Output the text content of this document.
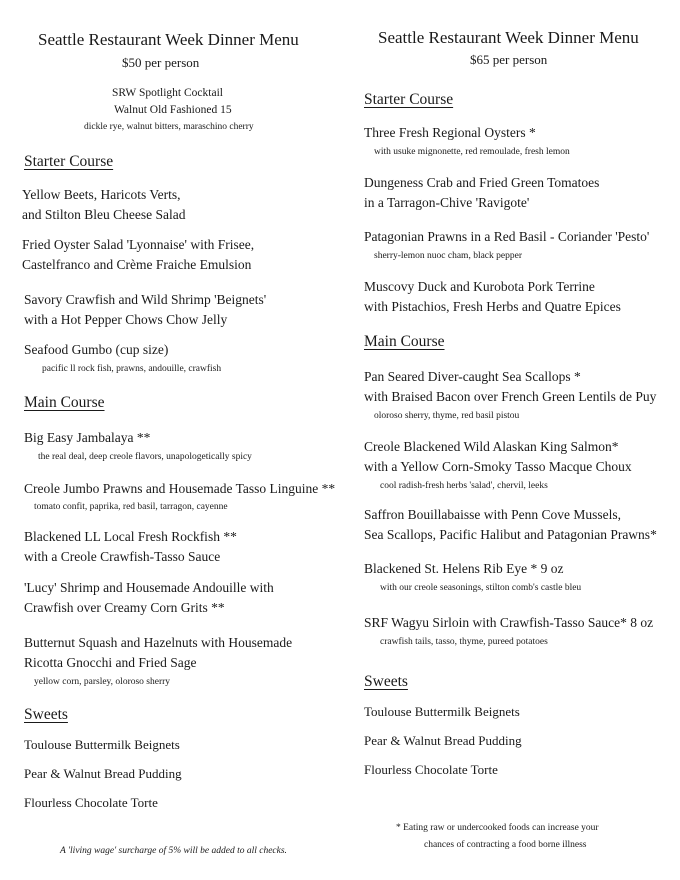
Seattle Restaurant Week Dinner Menu
$50 per person
SRW Spotlight Cocktail
Walnut Old Fashioned 15
dickle rye, walnut bitters, maraschino cherry
Starter Course
Yellow Beets, Haricots Verts,
and Stilton Bleu Cheese Salad
Fried Oyster Salad 'Lyonnaise' with Frisee,
Castelfranco and Crème Fraiche Emulsion
Savory Crawfish and Wild Shrimp 'Beignets'
with a Hot Pepper Chows Chow Jelly
Seafood Gumbo (cup size)
pacific ll rock fish, prawns, andouille, crawfish
Main Course
Big Easy Jambalaya **
the real deal, deep creole flavors, unapologetically spicy
Creole Jumbo Prawns and Housemade Tasso Linguine **
tomato confit, paprika, red basil, tarragon, cayenne
Blackened LL Local Fresh Rockfish **
with a Creole Crawfish-Tasso Sauce
'Lucy' Shrimp and Housemade Andouille with
Crawfish over Creamy Corn Grits **
Butternut Squash and Hazelnuts with Housemade
Ricotta Gnocchi and Fried Sage
yellow corn, parsley, oloroso sherry
Sweets
Toulouse Buttermilk Beignets
Pear & Walnut Bread Pudding
Flourless Chocolate Torte
A 'living wage' surcharge of 5% will be added to all checks.
Seattle Restaurant Week Dinner Menu
$65 per person
Starter Course
Three Fresh Regional Oysters *
with usuke mignonette, red remoulade, fresh lemon
Dungeness Crab and Fried Green Tomatoes
in a Tarragon-Chive 'Ravigote'
Patagonian Prawns in a Red Basil - Coriander 'Pesto'
sherry-lemon nuoc cham, black pepper
Muscovy Duck and Kurobota Pork Terrine
with Pistachios, Fresh Herbs and Quatre Epices
Main Course
Pan Seared Diver-caught Sea Scallops *
with Braised Bacon over French Green Lentils de Puy
oloroso sherry, thyme, red basil pistou
Creole Blackened Wild Alaskan King Salmon*
with a Yellow Corn-Smoky Tasso Macque Choux
cool radish-fresh herbs 'salad', chervil, leeks
Saffron Bouillabaisse with Penn Cove Mussels,
Sea Scallops, Pacific Halibut and Patagonian Prawns*
Blackened St. Helens Rib Eye * 9 oz
with our creole seasonings, stilton comb's castle bleu
SRF Wagyu Sirloin with Crawfish-Tasso Sauce* 8 oz
crawfish tails, tasso, thyme, pureed potatoes
Sweets
Toulouse Buttermilk Beignets
Pear & Walnut Bread Pudding
Flourless Chocolate Torte
* Eating raw or undercooked foods can increase your
chances of contracting a food borne illness
